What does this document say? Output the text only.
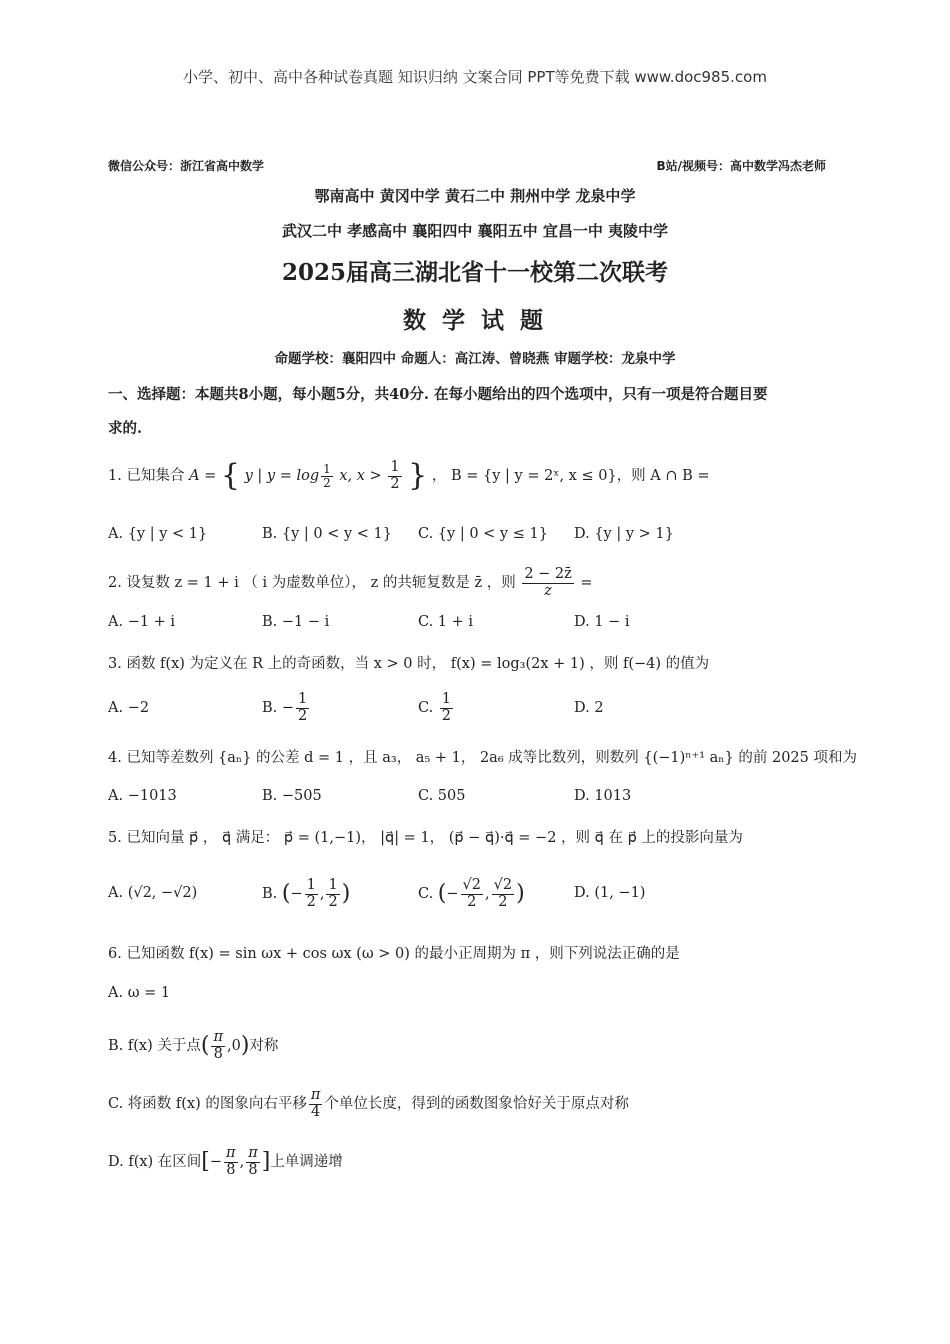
小学、初中、高中各种试卷真题 知识归纳 文案合同 PPT等免费下载 www.doc985.com
微信公众号：浙江省高中数学	B站/视频号：高中数学冯杰老师
鄂南高中 黄冈中学 黄石二中 荆州中学 龙泉中学
武汉二中 孝感高中 襄阳四中 襄阳五中 宜昌一中 夷陵中学
2025届高三湖北省十一校第二次联考
数 学 试 题
命题学校：襄阳四中 命题人：高江涛、曾晓燕 审题学校：龙泉中学
一、选择题：本题共8小题，每小题5分，共40分. 在每小题给出的四个选项中，只有一项是符合题目要
求的.
1. 已知集合 A = { y | $y = \log \frac{1}{2} x$, $x > \frac{1}{2}$ } ， B = {y | y = 2ˣ, x ≤ 0}，则 A ∩ B =
A. {y | y < 1}	B. {y | 0 < y < 1} C. {y | 0 < y ≤ 1} D. {y | y > 1}
2. 设复数 z = 1 + i （ i 为虚数单位）， z 的共轭复数是 z̄ ，则 $\frac{2 - 2z̄}{z}$ =
A. −1 + i	B. −1 − i	C. 1 + i	D. 1 − i
3. 函数 f(x) 为定义在 R 上的奇函数，当 x > 0 时， f(x) = log₃(2x + 1) ，则 f(−4) 的值为
A. −2	B. − $\frac{1}{2}$	C. $\frac{1}{2}$	D. 2
4. 已知等差数列 {aₙ} 的公差 d = 1 ，且 a₃， a₅ + 1， 2a₆ 成等比数列，则数列 {(−1)ⁿ⁺¹ aₙ} 的前 2025 项和为
A. −1013	B. −505	C. 505	D. 1013
5. 已知向量 p⃗ ， q⃗ 满足： p⃗ = (1,−1)， |q⃗| = 1， (p⃗ − q⃗)·q⃗ = −2 ，则 q⃗ 在 p⃗ 上的投影向量为
A. (√2, −√2)	B. (− $\frac{1}{2}$ , $\frac{1}{2}$ )	C. (− $\frac{√2}{2}$ , $\frac{√2}{2}$ )	D. (1, −1)
6. 已知函数 f(x) = sin ωx + cos ωx (ω > 0) 的最小正周期为 π ，则下列说法正确的是
A. ω = 1
B. f(x) 关于点( $\frac{\pi}{8} ,0$)对称
C. 将函数 f(x) 的图象向右平移 $\frac{\pi}{4}$ 个单位长度，得到的函数图象恰好关于原点对称
D. f(x) 在区间[− $\frac{\pi}{8}$ , $\frac{\pi}{8}$ ]上单调递增
